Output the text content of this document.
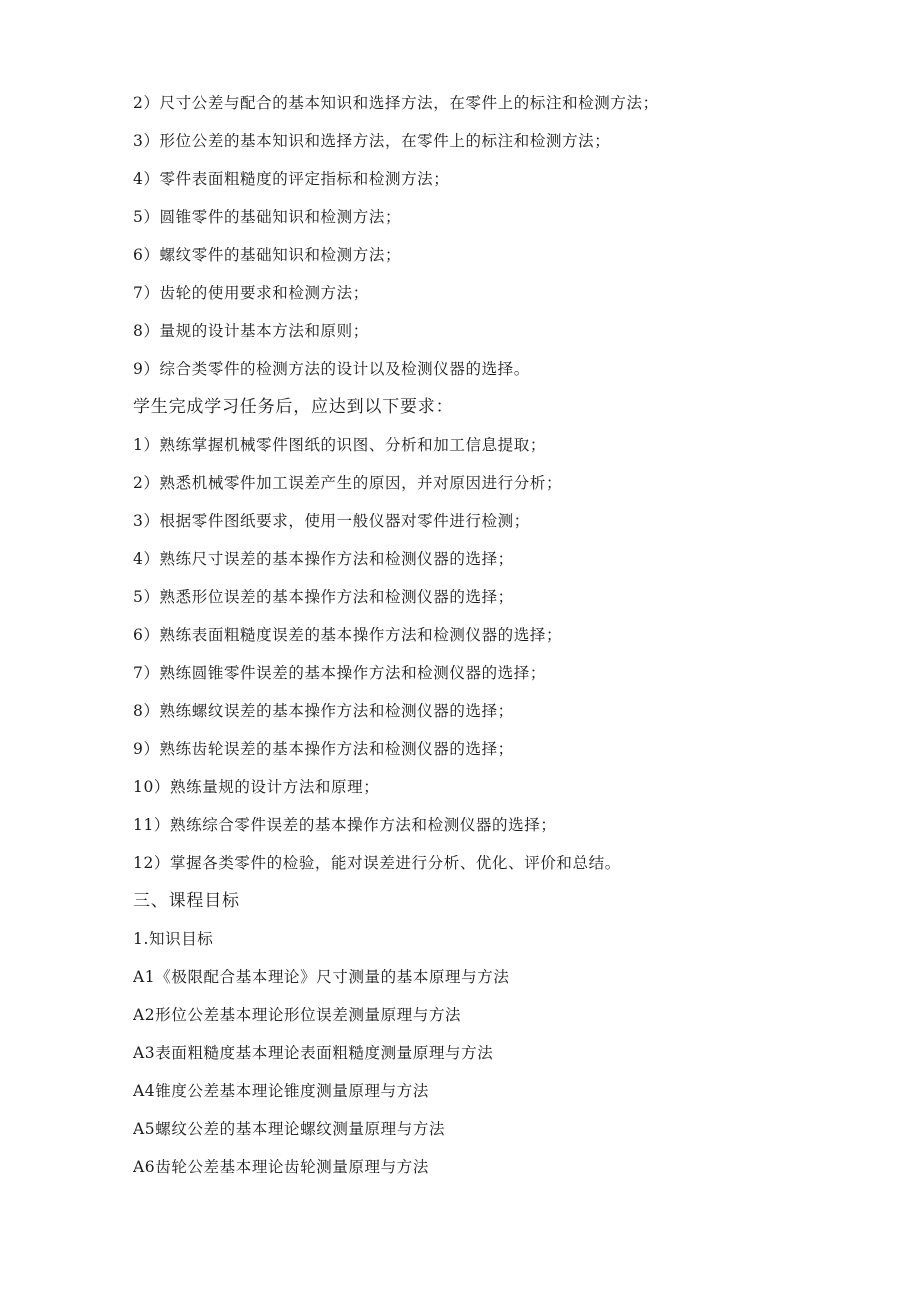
2）尺寸公差与配合的基本知识和选择方法，在零件上的标注和检测方法；
3）形位公差的基本知识和选择方法，在零件上的标注和检测方法；
4）零件表面粗糙度的评定指标和检测方法；
5）圆锥零件的基础知识和检测方法；
6）螺纹零件的基础知识和检测方法；
7）齿轮的使用要求和检测方法；
8）量规的设计基本方法和原则；
9）综合类零件的检测方法的设计以及检测仪器的选择。
学生完成学习任务后，应达到以下要求：
1）熟练掌握机械零件图纸的识图、分析和加工信息提取；
2）熟悉机械零件加工误差产生的原因，并对原因进行分析；
3）根据零件图纸要求，使用一般仪器对零件进行检测；
4）熟练尺寸误差的基本操作方法和检测仪器的选择；
5）熟悉形位误差的基本操作方法和检测仪器的选择；
6）熟练表面粗糙度误差的基本操作方法和检测仪器的选择；
7）熟练圆锥零件误差的基本操作方法和检测仪器的选择；
8）熟练螺纹误差的基本操作方法和检测仪器的选择；
9）熟练齿轮误差的基本操作方法和检测仪器的选择；
10）熟练量规的设计方法和原理；
11）熟练综合零件误差的基本操作方法和检测仪器的选择；
12）掌握各类零件的检验，能对误差进行分析、优化、评价和总结。
三、课程目标
1.知识目标
A1《极限配合基本理论》尺寸测量的基本原理与方法
A2形位公差基本理论形位误差测量原理与方法
A3表面粗糙度基本理论表面粗糙度测量原理与方法
A4锥度公差基本理论锥度测量原理与方法
A5螺纹公差的基本理论螺纹测量原理与方法
A6齿轮公差基本理论齿轮测量原理与方法
